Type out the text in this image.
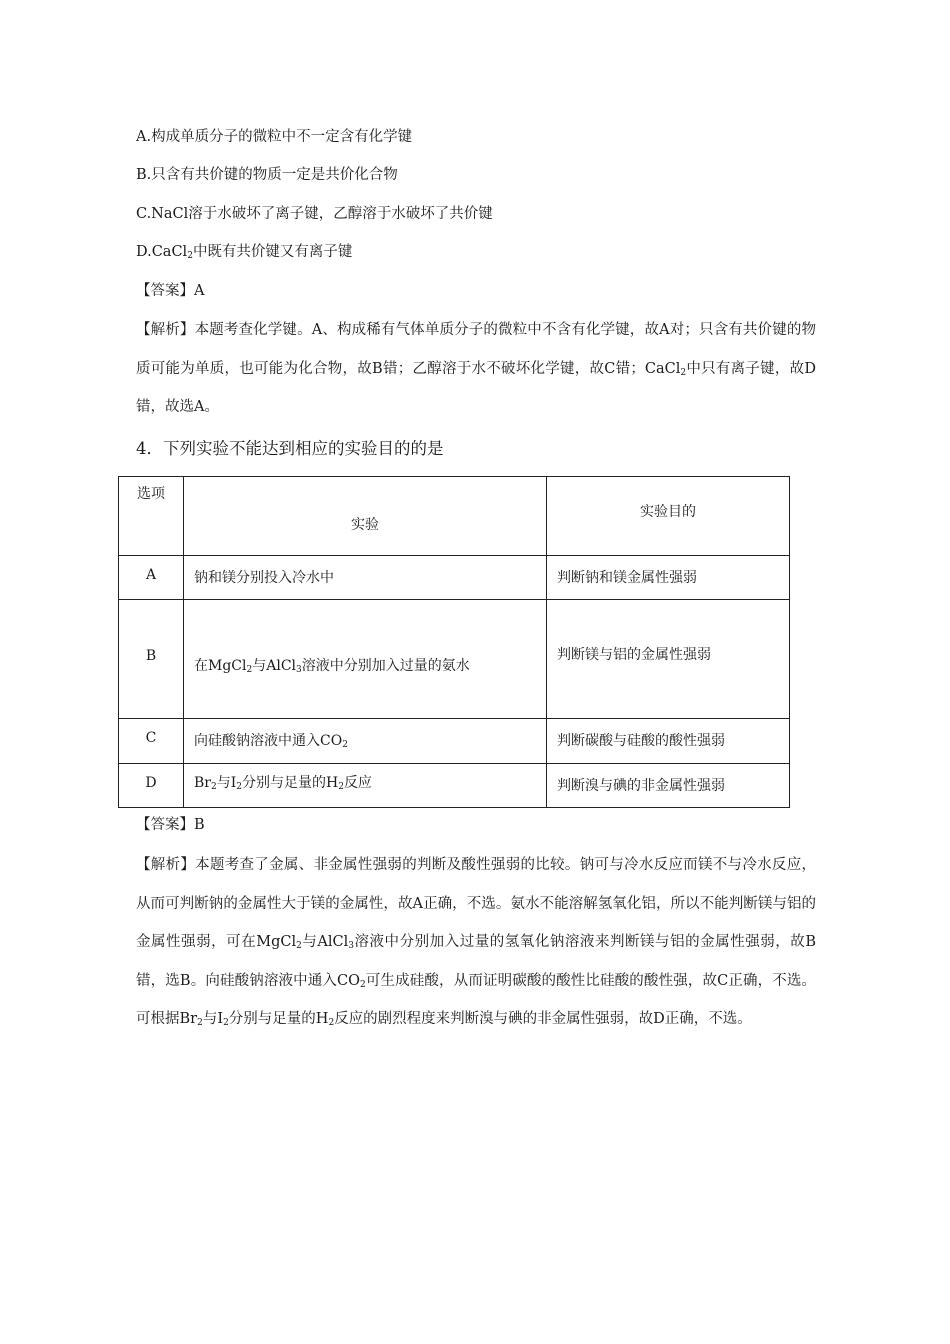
A.构成单质分子的微粒中不一定含有化学键
B.只含有共价键的物质一定是共价化合物
C.NaCl溶于水破坏了离子键，乙醇溶于水破坏了共价键
D.CaCl$_2$中既有共价键又有离子键
【答案】A
【解析】本题考查化学键。A、构成稀有气体单质分子的微粒中不含有化学键，故A对；只含有共价键的物质可能为单质，也可能为化合物，故B错；乙醇溶于水不破坏化学键，故C错；CaCl$_2$中只有离子键，故D错，故选A。
4．下列实验不能达到相应的实验目的的是
选项	实验	实验目的

A	钠和镁分别投入冷水中	判断钠和镁金属性强弱

B	在MgCl$_2$与AlCl$_3$溶液中分别加入过量的氨水	判断镁与铝的金属性强弱

C	向硅酸钠溶液中通入$CO_2$	判断碳酸与硅酸的酸性强弱

D	$Br_2$与$I_2$分别与足量的$H_2$反应	判断溴与碘的非金属性强弱
【答案】B
【解析】本题考查了金属、非金属性强弱的判断及酸性强弱的比较。钠可与冷水反应而镁不与冷水反应，从而可判断钠的金属性大于镁的金属性，故A正确，不选。氨水不能溶解氢氧化铝，所以不能判断镁与铝的金属性强弱，可在MgCl$_2$与AlCl$_3$溶液中分别加入过量的氢氧化钠溶液来判断镁与铝的金属性强弱，故B错，选B。向硅酸钠溶液中通入$CO_2$可生成硅酸，从而证明碳酸的酸性比硅酸的酸性强，故C正确，不选。可根据$Br_2$与$I_2$分别与足量的$H_2$反应的剧烈程度来判断溴与碘的非金属性强弱，故D正确，不选。
